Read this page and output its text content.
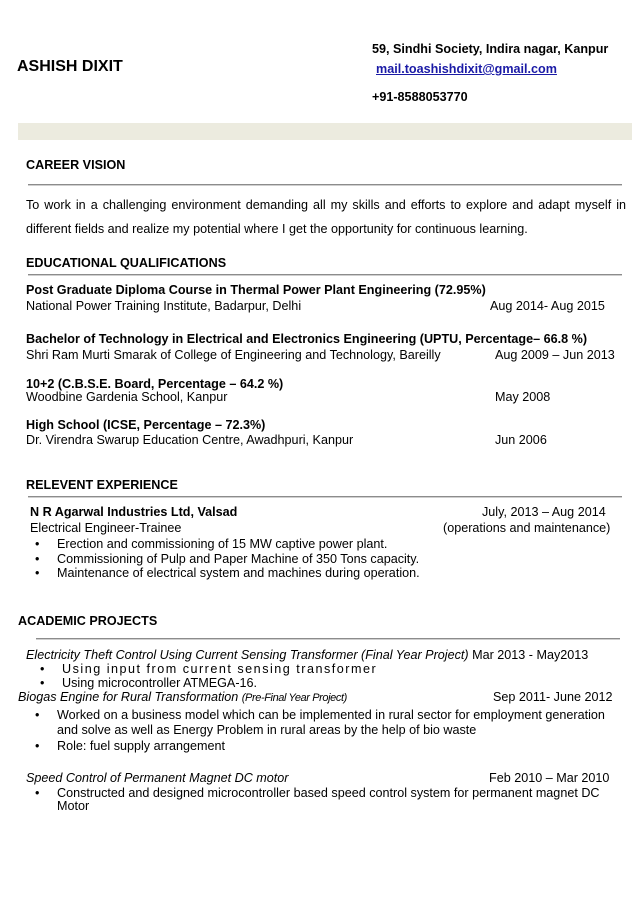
59, Sindhi Society, Indira nagar, Kanpur
ASHISH DIXIT	mail.toashishdixit@gmail.com
+91-8588053770
CAREER VISION
To work in a challenging environment demanding all my skills and efforts to explore and adapt myself in
different fields and realize my potential where I get the opportunity for continuous learning.
EDUCATIONAL QUALIFICATIONS
Post Graduate Diploma Course in Thermal Power Plant Engineering (72.95%)
National Power Training Institute, Badarpur, Delhi	Aug 2014- Aug 2015
Bachelor of Technology in Electrical and Electronics Engineering (UPTU, Percentage– 66.8 %)
Shri Ram Murti Smarak of College of Engineering and Technology, Bareilly	Aug 2009 – Jun 2013
10+2 (C.B.S.E. Board, Percentage – 64.2 %)
Woodbine Gardenia School, Kanpur	May 2008
High School (ICSE, Percentage – 72.3%)
Dr. Virendra Swarup Education Centre, Awadhpuri, Kanpur	Jun 2006
RELEVENT EXPERIENCE
N R Agarwal Industries Ltd, Valsad	July, 2013 – Aug 2014
Electrical Engineer-Trainee	(operations and maintenance)
• Erection and commissioning of 15 MW captive power plant.
• Commissioning of Pulp and Paper Machine of 350 Tons capacity.
• Maintenance of electrical system and machines during operation.
ACADEMIC PROJECTS
Electricity Theft Control Using Current Sensing Transformer (Final Year Project) Mar 2013 - May2013
• Using input from current sensing transformer
• Using microcontroller ATMEGA-16.
Biogas Engine for Rural Transformation (Pre-Final Year Project)	Sep 2011- June 2012
• Worked on a business model which can be implemented in rural sector for employment generation
and solve as well as Energy Problem in rural areas by the help of bio waste
• Role: fuel supply arrangement
Speed Control of Permanent Magnet DC motor	Feb 2010 – Mar 2010
• Constructed and designed microcontroller based speed control system for permanent magnet DC
Motor
